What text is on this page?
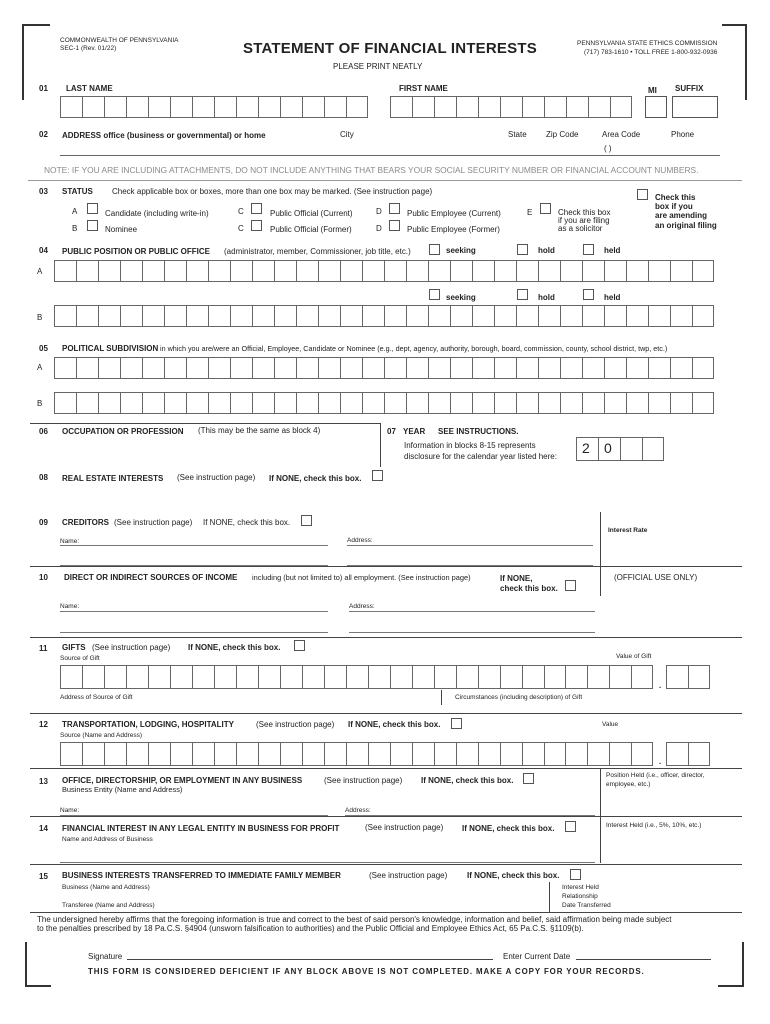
COMMONWEALTH OF PENNSYLVANIA
SEC-1 (Rev. 01/22)	STATEMENT OF FINANCIAL INTERESTS
PLEASE PRINT NEATLY
PENNSYLVANIA STATE ETHICS COMMISSION
(717) 783-1610 • TOLL FREE 1-800-932-0936
01 LAST NAME	FIRST NAME	MI SUFFIX
02 ADDRESS office (business or governmental) or home	City	State Zip Code	Area Code	Phone
( )
NOTE: IF YOU ARE INCLUDING ATTACHMENTS, DO NOT INCLUDE ANYTHING THAT BEARS YOUR SOCIAL SECURITY NUMBER OR FINANCIAL ACCOUNT NUMBERS.
03 STATUS Check applicable box or boxes, more than one box may be marked. (See instruction page)
A	Candidate (including write-in)
B	Nominee
C	Public Official (Current)
C	Public Official (Former)
D	Public Employee (Current)
D	Public Employee (Former)
E	Check this box
if you are filing
as a solicitor
Check this
box if you
are amending
an original filing
04 PUBLIC POSITION OR PUBLIC OFFICE (administrator, member, Commissioner, job title, etc.)	seeking	hold	held
A
seeking	hold	held
B
05 POLITICAL SUBDIVISION in which you are/were an Official, Employee, Candidate or Nominee (e.g., dept, agency, authority, borough, board, commission, county, school district, twp, etc.)
A
B
06 OCCUPATION OR PROFESSION (This may be the same as block 4)	07 YEAR SEE INSTRUCTIONS.
Information in blocks 8-15 represents
disclosure for the calendar year listed here:
2 0
08 REAL ESTATE INTERESTS (See instruction page) If NONE, check this box.
09 CREDITORS (See instruction page) If NONE, check this box.
Name:	Address:
Interest Rate
10 DIRECT OR INDIRECT SOURCES OF INCOME including (but not limited to) all employment. (See instruction page)	If NONE,
check this box.
(OFFICIAL USE ONLY)
Name:	Address:
11 GIFTS (See instruction page) If NONE, check this box.
Source of Gift	Value of Gift
.
Address of Source of Gift	Circumstances (including description) of Gift
12 TRANSPORTATION, LODGING, HOSPITALITY	(See instruction page) If NONE, check this box.
Source (Name and Address)
Value
.
13 OFFICE, DIRECTORSHIP, OR EMPLOYMENT IN ANY BUSINESS	(See instruction page) If NONE, check this box.
Business Entity (Name and Address)
Position Held (i.e., officer, director,
employee, etc.)
Name:	Address:
14 FINANCIAL INTEREST IN ANY LEGAL ENTITY IN BUSINESS FOR PROFIT	(See instruction page) If NONE, check this box.
Name and Address of Business
Interest Held (i.e., 5%, 10%, etc.)
15 BUSINESS INTERESTS TRANSFERRED TO IMMEDIATE FAMILY MEMBER	(See instruction page) If NONE, check this box.
Business (Name and Address)
Transferee (Name and Address)
Interest Held
Relationship
Date Transferred
The undersigned hereby affirms that the foregoing information is true and correct to the best of said person's knowledge, information and belief, said affirmation being made subject
to the penalties prescribed by 18 Pa.C.S. §4904 (unsworn falsification to authorities) and the Public Official and Employee Ethics Act, 65 Pa.C.S. §1109(b).
Signature	Enter Current Date
THIS FORM IS CONSIDERED DEFICIENT IF ANY BLOCK ABOVE IS NOT COMPLETED. MAKE A COPY FOR YOUR RECORDS.
